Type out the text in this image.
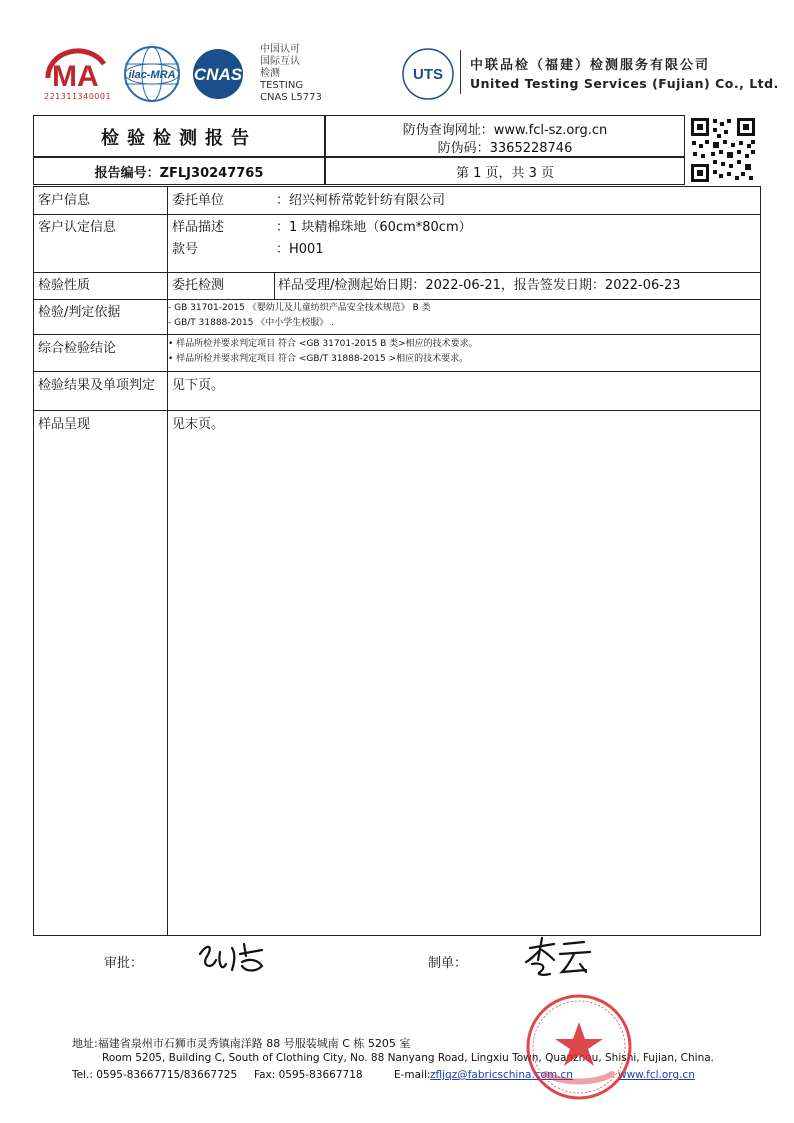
MA
221311340001
ilac-MRA CNAS
中国认可
国际互认
检测
TESTING
CNAS L5773
UTS
中联品检（福建）检测服务有限公司
United Testing Services (Fujian) Co., Ltd.
检验检测报告	防伪查询网址：www.fcl-sz.org.cn
防伪码：3365228746
报告编号：ZFLJ30247765	第 1 页，共 3 页
客户信息	委托单位	：绍兴柯桥常乾针纺有限公司
客户认定信息	样品描述	：1 块精棉珠地（60cm*80cm）
款号	：H001
检验性质	委托检测	样品受理/检测起始日期：2022-06-21，报告签发日期：2022-06-23
检验/判定依据	- GB 31701-2015 《婴幼儿及儿童纺织产品安全技术规范》 B 类
- GB/T 31888-2015 《中小学生校服》 .
综合检验结论	• 样品所检并要求判定项目 符合 <GB 31701-2015 B 类>相应的技术要求。
• 样品所检并要求判定项目 符合 <GB/T 31888-2015 >相应的技术要求。
检验结果及单项判定 见下页。
样品呈现	见末页。
审批：	制单：
地址:福建省泉州市石狮市灵秀镇南洋路 88 号服装城南 C 栋 5205 室
Room 5205, Building C, South of Clothing City, No. 88 Nanyang Road, Lingxiu Town, Quanzhou, Shishi, Fujian, China.
Tel.: 0595-83667715/83667725 Fax: 0595-83667718	E-mail: zfljqz@fabricschina.com.cn	www.fcl.org.cn
